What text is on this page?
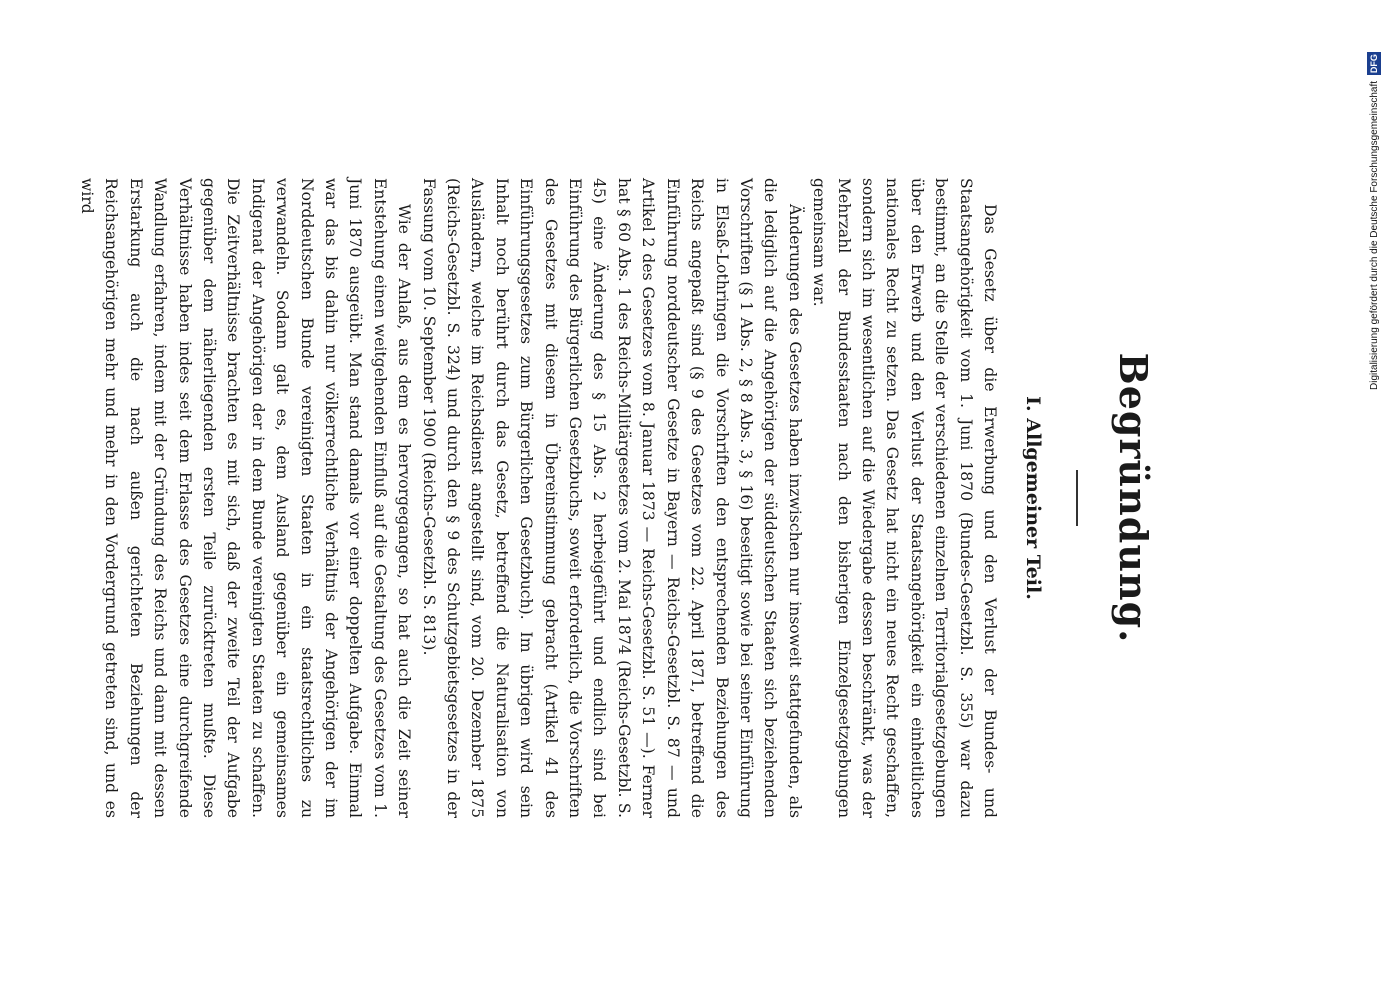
Begründung.
I. Allgemeiner Teil.

Das Gesetz über die Erwerbung und den Verlust der Bundes- und Staatsangehörigkeit vom 1. Juni 1870 (Bundes-Gesetzbl. S. 355) war dazu bestimmt, an die Stelle der verschiedenen einzelnen Territorialgesetzgebungen über den Erwerb und den Verlust der Staatsangehörigkeit ein einheitliches nationales Recht zu setzen. Das Gesetz hat nicht ein neues Recht geschaffen, sondern sich im wesentlichen auf die Wiedergabe dessen beschränkt, was der Mehrzahl der Bundesstaaten nach den bisherigen Einzelgesetzgebungen gemeinsam war.

Änderungen des Gesetzes haben inzwischen nur insoweit stattgefunden, als die lediglich auf die Angehörigen der süddeutschen Staaten sich beziehenden Vorschriften (§ 1 Abs. 2, § 8 Abs. 3, § 16) beseitigt sowie bei seiner Einführung in Elsaß-Lothringen die Vorschriften den entsprechenden Beziehungen des Reichs angepaßt sind (§ 9 des Gesetzes vom 22. April 1871, betreffend die Einführung norddeutscher Gesetze in Bayern — Reichs-Gesetzbl. S. 87 — und Artikel 2 des Gesetzes vom 8. Januar 1873 — Reichs-Gesetzbl. S. 51 —). Ferner hat § 60 Abs. 1 des Reichs-Militärgesetzes vom 2. Mai 1874 (Reichs-Gesetzbl. S. 45) eine Änderung des § 15 Abs. 2 herbeigeführt und endlich sind bei Einführung des Bürgerlichen Gesetzbuchs, soweit erforderlich, die Vorschriften des Gesetzes mit diesem in Übereinstimmung gebracht (Artikel 41 des Einführungsgesetzes zum Bürgerlichen Gesetzbuch). Im übrigen wird sein Inhalt noch berührt durch das Gesetz, betreffend die Naturalisation von Ausländern, welche im Reichsdienst angestellt sind, vom 20. Dezember 1875 (Reichs-Gesetzbl. S. 324) und durch den § 9 des Schutzgebietsgesetzes in der Fassung vom 10. September 1900 (Reichs-Gesetzbl. S. 813).

Wie der Anlaß, aus dem es hervorgegangen, so hat auch die Zeit seiner Entstehung einen weitgehenden Einfluß auf die Gestaltung des Gesetzes vom 1. Juni 1870 ausgeübt. Man stand damals vor einer doppelten Aufgabe. Einmal war das bis dahin nur völkerrechtliche Verhältnis der Angehörigen der im Norddeutschen Bunde vereinigten Staaten in ein staatsrechtliches zu verwandeln. Sodann galt es, dem Ausland gegenüber ein gemeinsames Indigenat der Angehörigen der in dem Bunde vereinigten Staaten zu schaffen. Die Zeitverhältnisse brachten es mit sich, daß der zweite Teil der Aufgabe gegenüber dem näherliegenden ersten Teile zurücktreten mußte. Diese Verhältnisse haben indes seit dem Erlasse des Gesetzes eine durchgreifende Wandlung erfahren, indem mit der Gründung des Reichs und dann mit dessen Erstarkung auch die nach außen gerichteten Beziehungen der Reichsangehörigen mehr und mehr in den Vordergrund getreten sind, und es wird	Digitalisierung gefördert durch die Deutsche Forschungsgemeinschaft DFG
